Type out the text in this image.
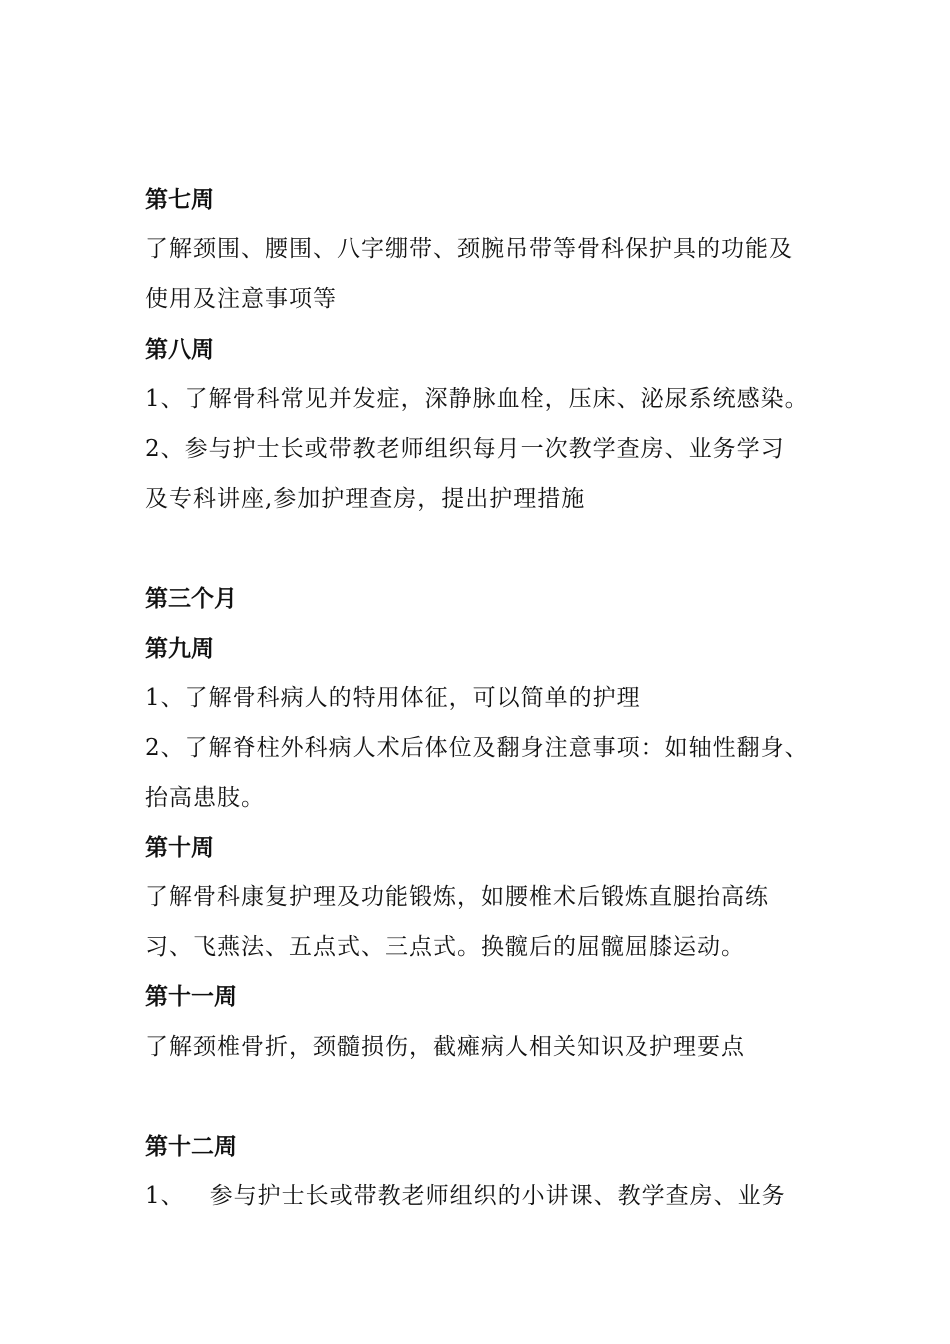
第七周
了解颈围、腰围、八字绷带、颈腕吊带等骨科保护具的功能及
使用及注意事项等
第八周
1、了解骨科常见并发症，深静脉血栓，压床、泌尿系统感染。
2、参与护士长或带教老师组织每月一次教学查房、业务学习
及专科讲座,参加护理查房，提出护理措施
第三个月
第九周
1、了解骨科病人的特用体征，可以简单的护理
2、了解脊柱外科病人术后体位及翻身注意事项：如轴性翻身、
抬高患肢。
第十周
了解骨科康复护理及功能锻炼，如腰椎术后锻炼直腿抬高练
习、飞燕法、五点式、三点式。换髋后的屈髋屈膝运动。
第十一周
了解颈椎骨折，颈髓损伤，截瘫病人相关知识及护理要点
第十二周
1、   参与护士长或带教老师组织的小讲课、教学查房、业务
